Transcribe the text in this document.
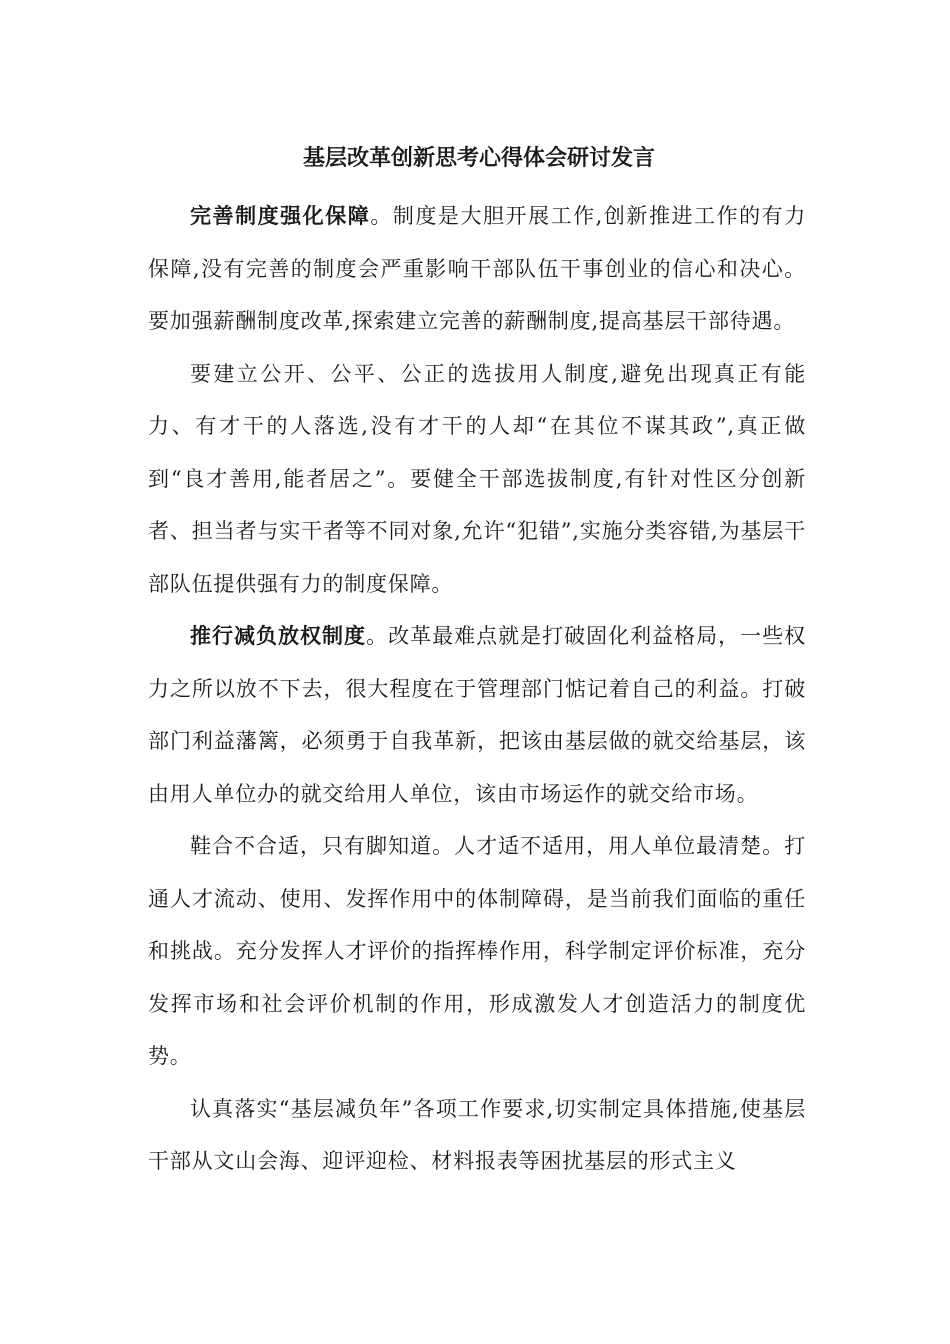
基层改革创新思考心得体会研讨发言

完善制度强化保障。制度是大胆开展工作,创新推进工作的有力保障,没有完善的制度会严重影响干部队伍干事创业的信心和决心。要加强薪酬制度改革,探索建立完善的薪酬制度,提高基层干部待遇。

要建立公开、公平、公正的选拔用人制度,避免出现真正有能力、有才干的人落选,没有才干的人却“在其位不谋其政”,真正做到“良才善用,能者居之”。要健全干部选拔制度,有针对性区分创新者、担当者与实干者等不同对象,允许“犯错”,实施分类容错,为基层干部队伍提供强有力的制度保障。

推行减负放权制度。改革最难点就是打破固化利益格局，一些权力之所以放不下去，很大程度在于管理部门惦记着自己的利益。打破部门利益藩篱，必须勇于自我革新，把该由基层做的就交给基层，该由用人单位办的就交给用人单位，该由市场运作的就交给市场。

鞋合不合适，只有脚知道。人才适不适用，用人单位最清楚。打通人才流动、使用、发挥作用中的体制障碍，是当前我们面临的重任和挑战。充分发挥人才评价的指挥棒作用，科学制定评价标准，充分发挥市场和社会评价机制的作用，形成激发人才创造活力的制度优势。

认真落实“基层减负年”各项工作要求,切实制定具体措施,使基层干部从文山会海、迎评迎检、材料报表等困扰基层的形式主义
